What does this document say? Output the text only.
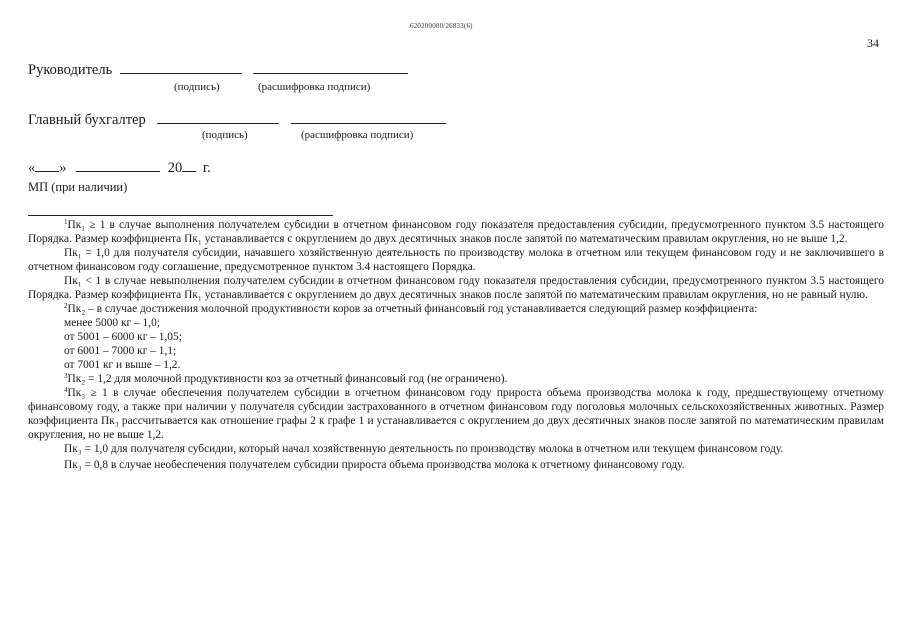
620200080/26833(6)
34
Руководитель
(подпись)	(расшифровка подписи)
Главный бухгалтер
(подпись)	(расшифровка подписи)
« »	20 г.
МП (при наличии)

$^1$Пк₁ ≥ 1 в случае выполнения получателем субсидии в отчетном финансовом году показателя предоставления субсидии, предусмотренного пунктом 3.5 настоящего Порядка. Размер коэффициента Пк₁ устанавливается с округлением до двух десятичных знаков после запятой по математическим правилам округления, но не выше 1,2.

Пк₁ = 1,0 для получателя субсидии, начавшего хозяйственную деятельность по производству молока в отчетном или текущем финансовом году и не заключившего в отчетном финансовом году соглашение, предусмотренное пунктом 3.4 настоящего Порядка.

Пк₁ < 1 в случае невыполнения получателем субсидии в отчетном финансовом году показателя предоставления субсидии, предусмотренного пунктом 3.5 настоящего Порядка. Размер коэффициента Пк₁ устанавливается с округлением до двух десятичных знаков после запятой по математическим правилам округления, но не равный нулю.

$^2$Пк₂ – в случае достижения молочной продуктивности коров за отчетный финансовый год устанавливается следующий размер коэффициента:

менее 5000 кг – 1,0;

от 5001 – 6000 кг – 1,05;

от 6001 – 7000 кг – 1,1;

от 7001 кг и выше – 1,2.

$^3$Пк₂ = 1,2 для молочной продуктивности коз за отчетный финансовый год (не ограничено).

$^4$Пк₃ ≥ 1 в случае обеспечения получателем субсидии в отчетном финансовом году прироста объема производства молока к году, предшествующему отчетному финансовому году, а также при наличии у получателя субсидии застрахованного в отчетном финансовом году поголовья молочных сельскохозяйственных животных. Размер коэффициента Пк₃ рассчитывается как отношение графы 2 к графе 1 и устанавливается с округлением до двух десятичных знаков после запятой по математическим правилам округления, но не выше 1,2.

Пк₃ = 1,0 для получателя субсидии, который начал хозяйственную деятельность по производству молока в отчетном или текущем финансовом году.

Пк₃ = 0,8 в случае необеспечения получателем субсидии прироста объема производства молока к отчетному финансовому году.
